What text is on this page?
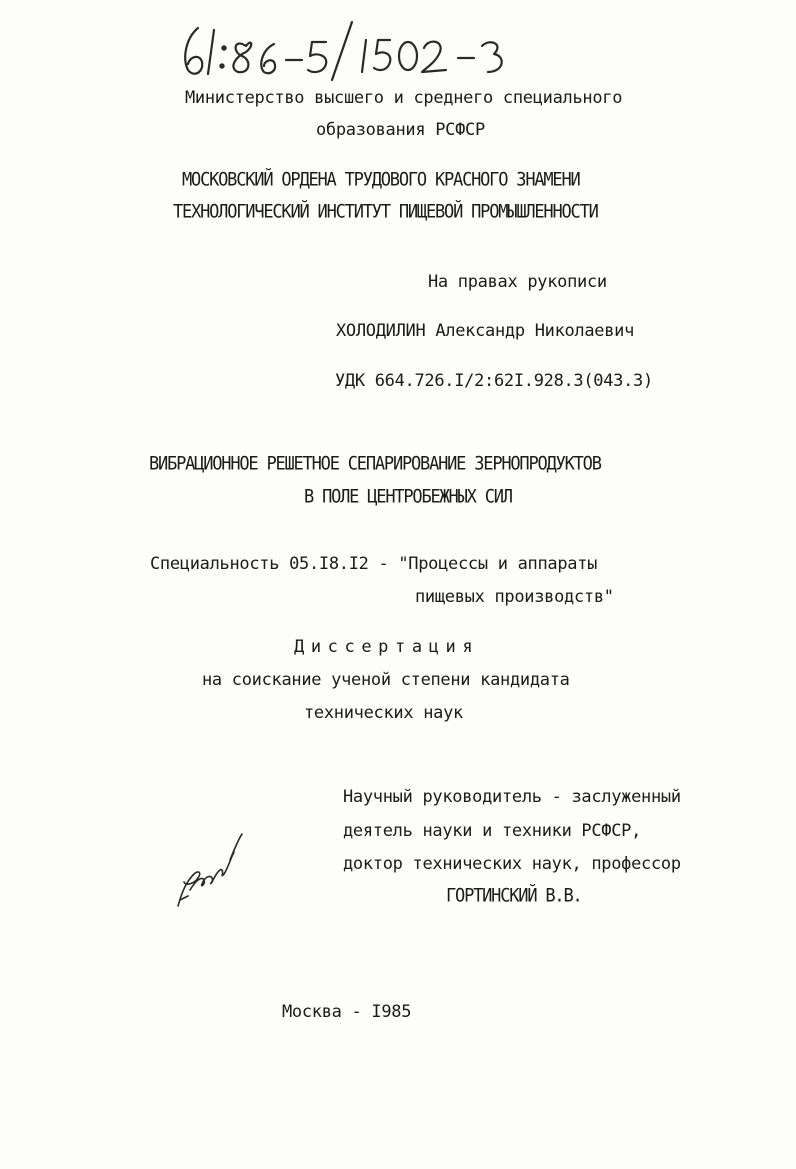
Министерство высшего и среднего специального
образования РСФСР
МОСКОВСКИЙ ОРДЕНА ТРУДОВОГО КРАСНОГО ЗНАМЕНИ
ТЕХНОЛОГИЧЕСКИЙ ИНСТИТУТ ПИЩЕВОЙ ПРОМЫШЛЕННОСТИ
На правах рукописи
ХОЛОДИЛИН Александр Николаевич
УДК 664.726.I/2:62I.928.3(043.3)
ВИБРАЦИОННОЕ РЕШЕТНОЕ СЕПАРИРОВАНИЕ ЗЕРНОПРОДУКТОВ
В ПОЛЕ ЦЕНТРОБЕЖНЫХ СИЛ
Специальность 05.I8.I2 - "Процессы и аппараты
пищевых производств"
Диссертация
на соискание ученой степени кандидата
технических наук
Научный руководитель - заслуженный
деятель науки и техники РСФСР,
доктор технических наук, профессор
ГОРТИНСКИЙ В.В.
Москва - I985
